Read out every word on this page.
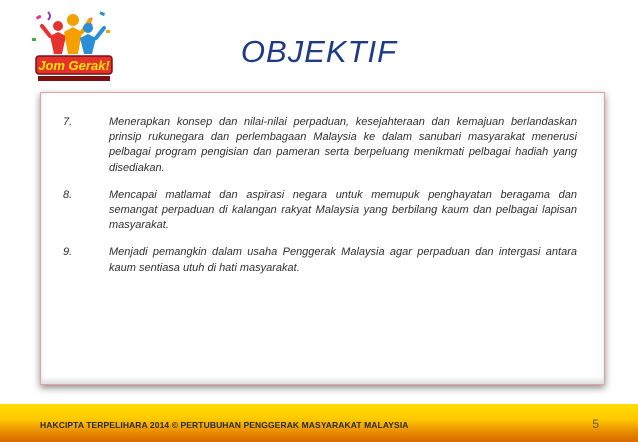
Jom Gerak!	OBJEKTIF
7.	Menerapkan konsep dan nilai-nilai perpaduan, kesejahteraan dan kemajuan berlandaskan prinsip rukunegara dan perlembagaan Malaysia ke dalam sanubari masyarakat menerusi pelbagai program pengisian dan pameran serta berpeluang menikmati pelbagai hadiah yang disediakan.
8.	Mencapai matlamat dan aspirasi negara untuk memupuk penghayatan beragama dan semangat perpaduan di kalangan rakyat Malaysia yang berbilang kaum dan pelbagai lapisan masyarakat.
9.	Menjadi pemangkin dalam usaha Penggerak Malaysia agar perpaduan dan intergasi antara kaum sentiasa utuh di hati masyarakat.
HAKCIPTA TERPELIHARA 2014 © PERTUBUHAN PENGGERAK MASYARAKAT MALAYSIA	5
